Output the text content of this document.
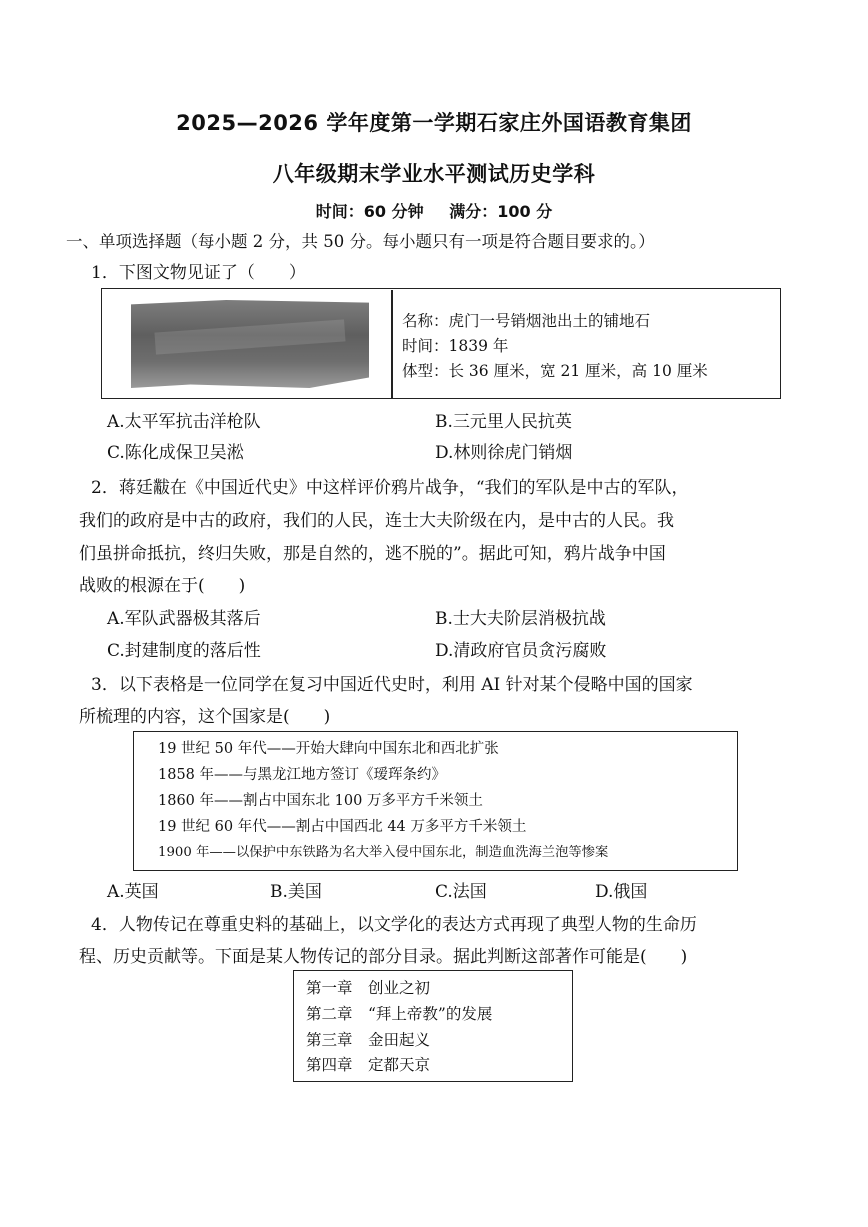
2025—2026 学年度第一学期石家庄外国语教育集团
八年级期末学业水平测试历史学科
时间：60 分钟 满分：100 分
一、单项选择题（每小题 2 分，共 50 分。每小题只有一项是符合题目要求的。）
1．下图文物见证了（　　）
名称：虎门一号销烟池出土的铺地石
时间：1839 年
体型：长 36 厘米，宽 21 厘米，高 10 厘米
A.太平军抗击洋枪队	B.三元里人民抗英
C.陈化成保卫吴淞	D.林则徐虎门销烟
2．蒋廷黻在《中国近代史》中这样评价鸦片战争，“我们的军队是中古的军队，
我们的政府是中古的政府，我们的人民，连士大夫阶级在内，是中古的人民。我
们虽拼命抵抗，终归失败，那是自然的，逃不脱的”。据此可知，鸦片战争中国
战败的根源在于(　　)
A.军队武器极其落后	B.士大夫阶层消极抗战
C.封建制度的落后性	D.清政府官员贪污腐败
3．以下表格是一位同学在复习中国近代史时，利用 AI 针对某个侵略中国的国家
所梳理的内容，这个国家是(　　)
19 世纪 50 年代——开始大肆向中国东北和西北扩张
1858 年——与黑龙江地方签订《瑷珲条约》
1860 年——割占中国东北 100 万多平方千米领土
19 世纪 60 年代——割占中国西北 44 万多平方千米领土
1900 年——以保护中东铁路为名大举入侵中国东北，制造血洗海兰泡等惨案
A.英国	B.美国	C.法国	D.俄国
4．人物传记在尊重史料的基础上，以文学化的表达方式再现了典型人物的生命历
程、历史贡献等。下面是某人物传记的部分目录。据此判断这部著作可能是(　　)
第一章　创业之初
第二章　“拜上帝教”的发展
第三章　金田起义
第四章　定都天京
